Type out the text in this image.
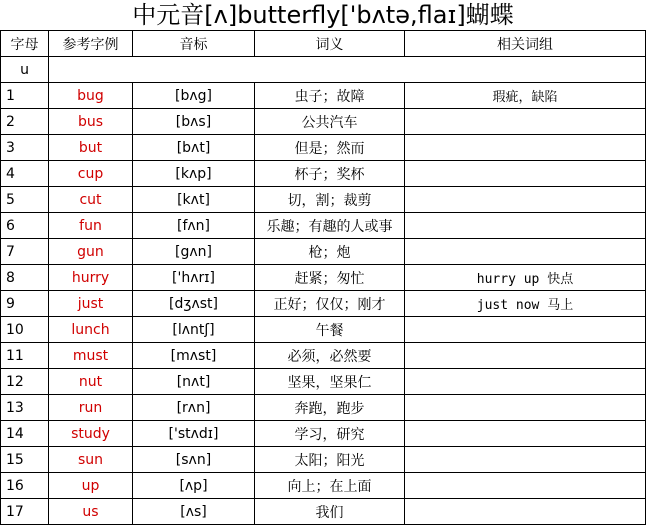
中元音[ʌ]butterfly['bʌtə,flaɪ]蝴蝶
字母	参考字例	音标	词义	相关词组
u				
1	bug	[bʌg]	虫子；故障	瑕疵，缺陷
2	bus	[bʌs]	公共汽车	
3	but	[bʌt]	但是；然而	
4	cup	[kʌp]	杯子；奖杯	
5	cut	[kʌt]	切，割；裁剪	
6	fun	[fʌn]	乐趣；有趣的人或事	
7	gun	[gʌn]	枪；炮	
8	hurry	['hʌrɪ]	赶紧；匆忙	hurry up 快点
9	just	[dʒʌst]	正好；仅仅；刚才	just now 马上
10	lunch	[lʌntʃ]	午餐	
11	must	[mʌst]	必须，必然要	
12	nut	[nʌt]	坚果，坚果仁	
13	run	[rʌn]	奔跑，跑步	
14	study	['stʌdɪ]	学习，研究	
15	sun	[sʌn]	太阳；阳光	
16	up	[ʌp]	向上；在上面	
17	us	[ʌs]	我们	
